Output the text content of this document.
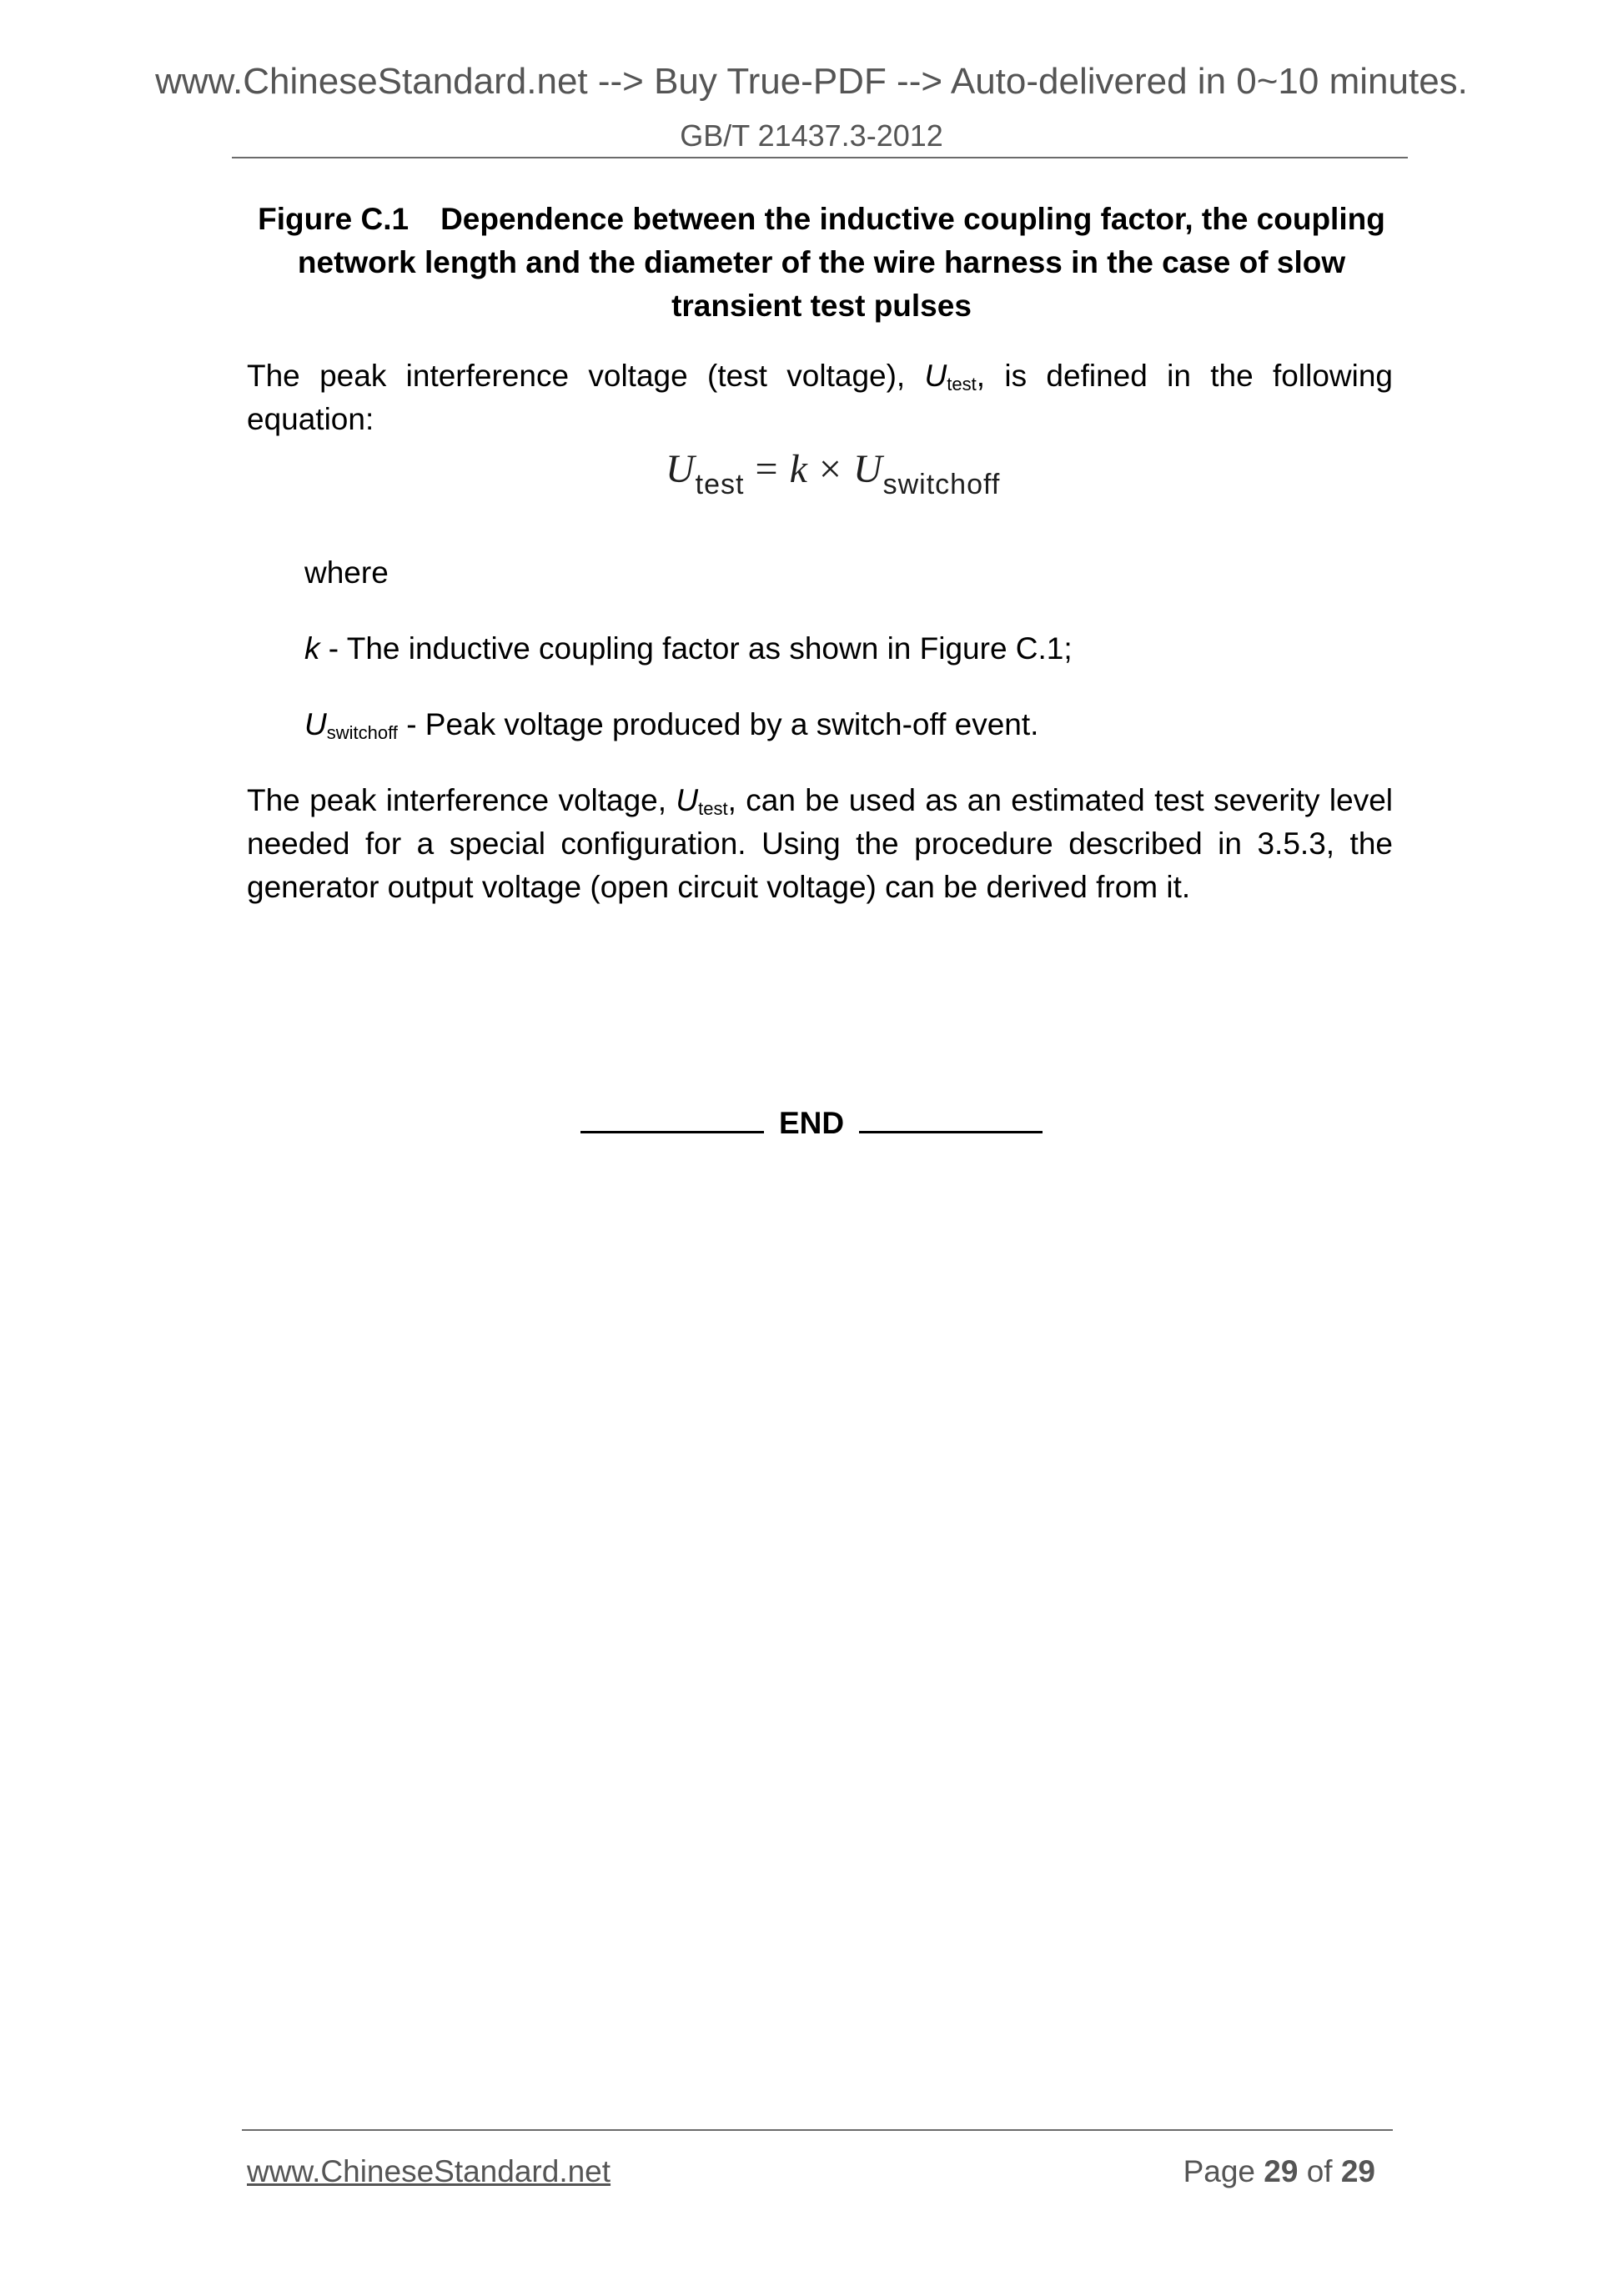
www.ChineseStandard.net --> Buy True-PDF --> Auto-delivered in 0~10 minutes.
GB/T 21437.3-2012
Figure C.1 Dependence between the inductive coupling factor, the coupling
network length and the diameter of the wire harness in the case of slow
transient test pulses
The peak interference voltage (test voltage), $U_{test}$, is defined in the following equation:
$U_{test} = k \times U_{switchoff}$
where
k - The inductive coupling factor as shown in Figure C.1;
$U_{switchoff}$ - Peak voltage produced by a switch-off event.
The peak interference voltage, $U_{test}$, can be used as an estimated test severity level needed for a special configuration. Using the procedure described in 3.5.3, the generator output voltage (open circuit voltage) can be derived from it.
END
www.ChineseStandard.net	Page 29 of 29
